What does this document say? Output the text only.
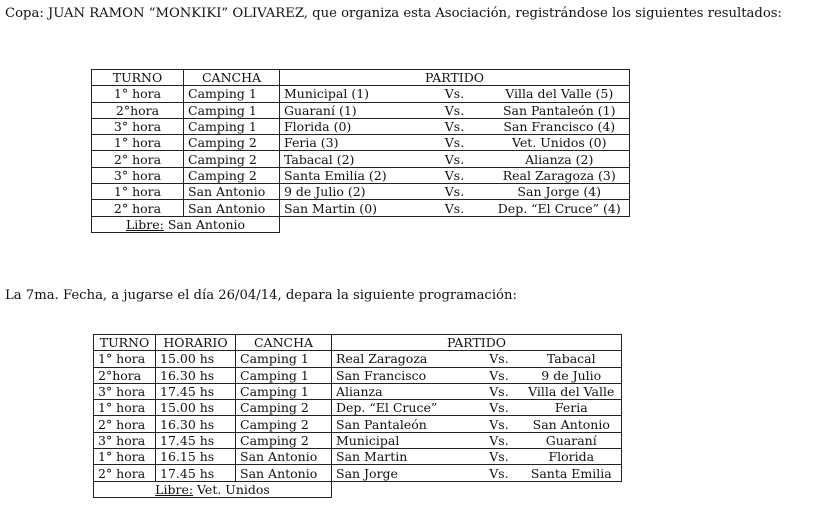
Copa: JUAN RAMON “MONKIKI” OLIVAREZ, que organiza esta Asociación, registrándose los siguientes resultados:
TURNO	CANCHA	PARTIDO		
1° hora	Camping 1	Municipal (1)	Vs.	Villa del Valle (5)
2°hora	Camping 1	Guaraní (1)	Vs.	San Pantaleón (1)
3° hora	Camping 1	Florida (0)	Vs.	San Francisco (4)
1° hora	Camping 2	Feria (3)	Vs.	Vet. Unidos (0)
2° hora	Camping 2	Tabacal (2)	Vs.	Alianza (2)
3° hora	Camping 2	Santa Emilia (2)	Vs.	Real Zaragoza (3)
1° hora	San Antonio	9 de Julio (2)	Vs.	San Jorge (4)
2° hora	San Antonio	San Martin (0)	Vs.	Dep. “El Cruce” (4)
Libre: San Antonio				
La 7ma. Fecha, a jugarse el día 26/04/14, depara la siguiente programación:
TURNO	HORARIO	CANCHA	PARTIDO		
1° hora	15.00 hs	Camping 1	Real Zaragoza	Vs.	Tabacal
2°hora	16.30 hs	Camping 1	San Francisco	Vs.	9 de Julio
3° hora	17.45 hs	Camping 1	Alianza	Vs.	Villa del Valle
1° hora	15.00 hs	Camping 2	Dep. “El Cruce”	Vs.	Feria
2° hora	16.30 hs	Camping 2	San Pantaleón	Vs.	San Antonio
3° hora	17.45 hs	Camping 2	Municipal	Vs.	Guaraní
1° hora	16.15 hs	San Antonio	San Martin	Vs.	Florida
2° hora	17.45 hs	San Antonio	San Jorge	Vs.	Santa Emilia
Libre: Vet. Unidos					
